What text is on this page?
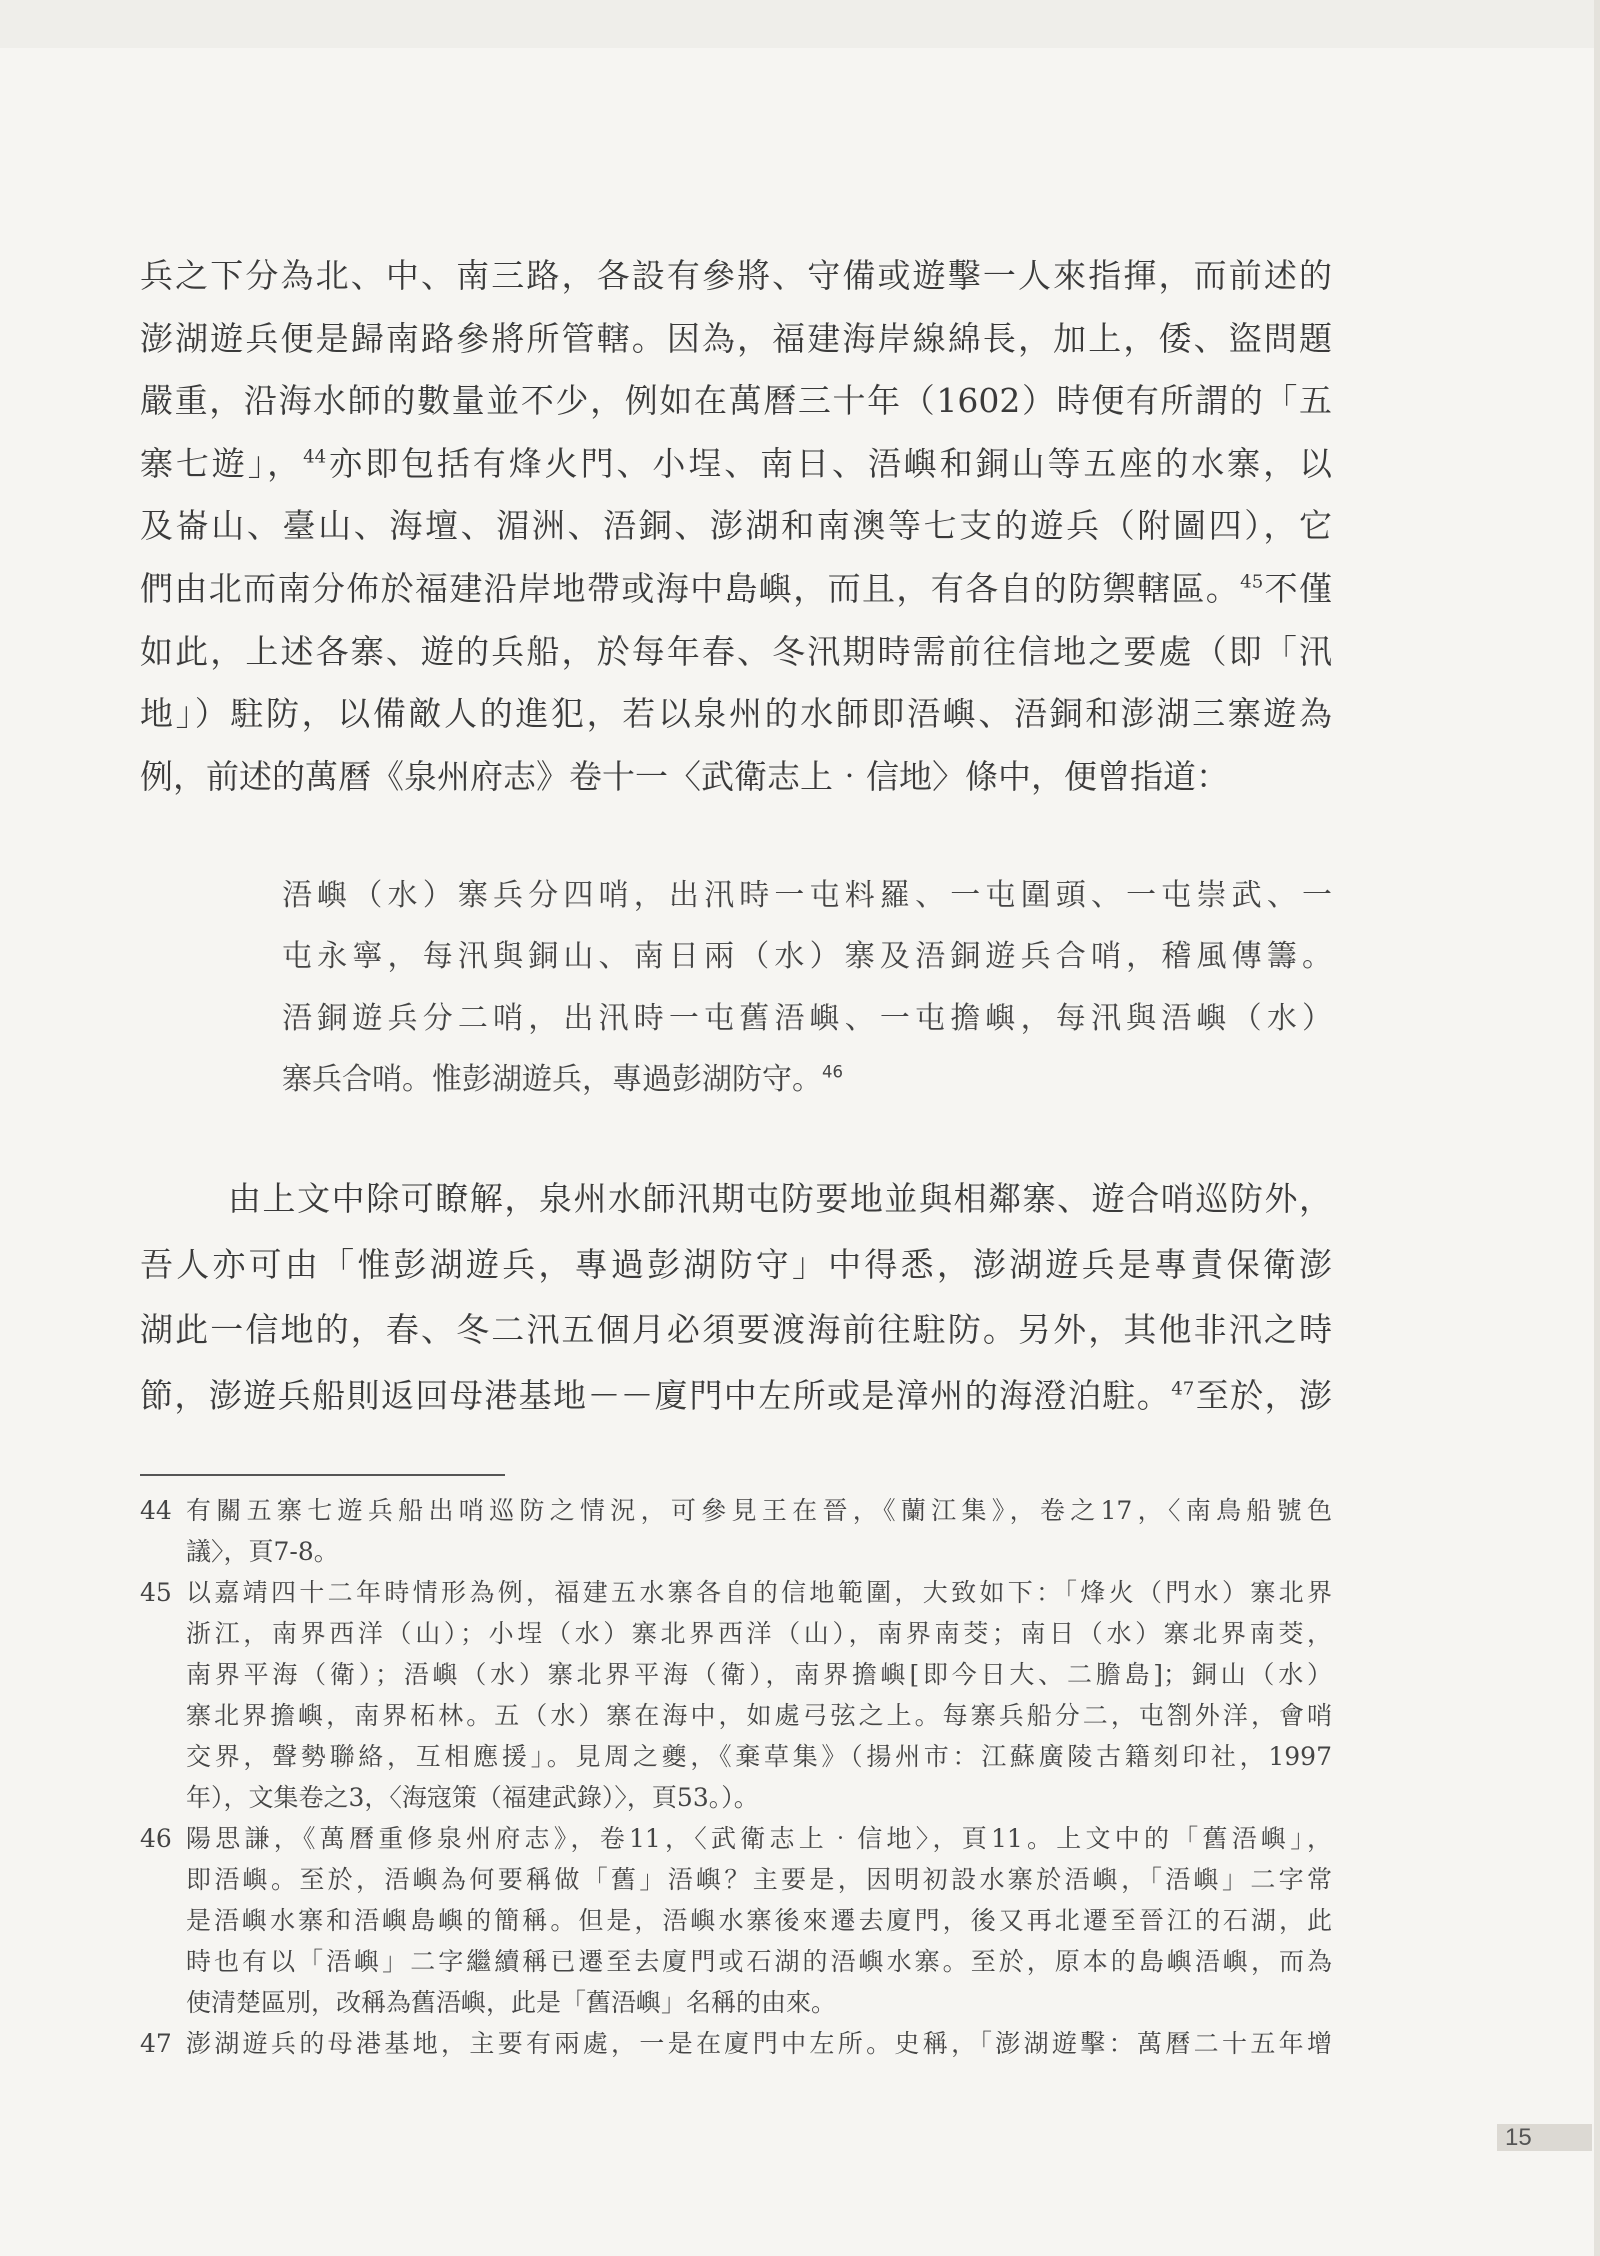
兵之下分為北、中、南三路，各設有參將、守備或遊擊一人來指揮，而前述的
澎湖遊兵便是歸南路參將所管轄。因為，福建海岸線綿長，加上，倭、盜問題
嚴重，沿海水師的數量並不少，例如在萬曆三十年（1602）時便有所謂的「五
寨七遊」，$^{44}$亦即包括有烽火門、小埕、南日、浯嶼和銅山等五座的水寨，以
及崙山、臺山、海壇、湄洲、浯銅、澎湖和南澳等七支的遊兵（附圖四），它
們由北而南分佈於福建沿岸地帶或海中島嶼，而且，有各自的防禦轄區。$^{45}$不僅
如此，上述各寨、遊的兵船，於每年春、冬汛期時需前往信地之要處（即「汛
地」）駐防，以備敵人的進犯，若以泉州的水師即浯嶼、浯銅和澎湖三寨遊為
例，前述的萬曆《泉州府志》卷十一〈武衛志上‧信地〉條中，便曾指道：
浯嶼（水）寨兵分四哨，出汛時一屯料羅、一屯圍頭、一屯崇武、一
屯永寧，每汛與銅山、南日兩（水）寨及浯銅遊兵合哨，稽風傳籌。
浯銅遊兵分二哨，出汛時一屯舊浯嶼、一屯擔嶼，每汛與浯嶼（水）
寨兵合哨。惟彭湖遊兵，專過彭湖防守。$^{46}$
由上文中除可瞭解，泉州水師汛期屯防要地並與相鄰寨、遊合哨巡防外，
吾人亦可由「惟彭湖遊兵，專過彭湖防守」中得悉，澎湖遊兵是專責保衛澎
湖此一信地的，春、冬二汛五個月必須要渡海前往駐防。另外，其他非汛之時
節，澎遊兵船則返回母港基地－－廈門中左所或是漳州的海澄泊駐。$^{47}$至於，澎
44 有關五寨七遊兵船出哨巡防之情況，可參見王在晉，《蘭江集》，卷之17，〈南鳥船號色
議〉，頁7-8。
45 以嘉靖四十二年時情形為例，福建五水寨各自的信地範圍，大致如下：「烽火（門水）寨北界
浙江，南界西洋（山）；小埕（水）寨北界西洋（山），南界南茭；南日（水）寨北界南茭，
南界平海（衛）；浯嶼（水）寨北界平海（衛），南界擔嶼[即今日大、二膽島]；銅山（水）
寨北界擔嶼，南界柘林。五（水）寨在海中，如處弓弦之上。每寨兵船分二，屯劄外洋，會哨
交界，聲勢聯絡，互相應援」。見周之夔，《棄草集》（揚州市：江蘇廣陵古籍刻印社，1997
年），文集卷之3，〈海寇策（福建武錄）〉，頁53。）。
46 陽思謙，《萬曆重修泉州府志》，卷11，〈武衛志上‧信地〉，頁11。上文中的「舊浯嶼」，
即浯嶼。至於，浯嶼為何要稱做「舊」浯嶼？主要是，因明初設水寨於浯嶼，「浯嶼」二字常
是浯嶼水寨和浯嶼島嶼的簡稱。但是，浯嶼水寨後來遷去廈門，後又再北遷至晉江的石湖，此
時也有以「浯嶼」二字繼續稱已遷至去廈門或石湖的浯嶼水寨。至於，原本的島嶼浯嶼，而為
使清楚區別，改稱為舊浯嶼，此是「舊浯嶼」名稱的由來。
47 澎湖遊兵的母港基地，主要有兩處，一是在廈門中左所。史稱，「澎湖遊擊：萬曆二十五年增
15
